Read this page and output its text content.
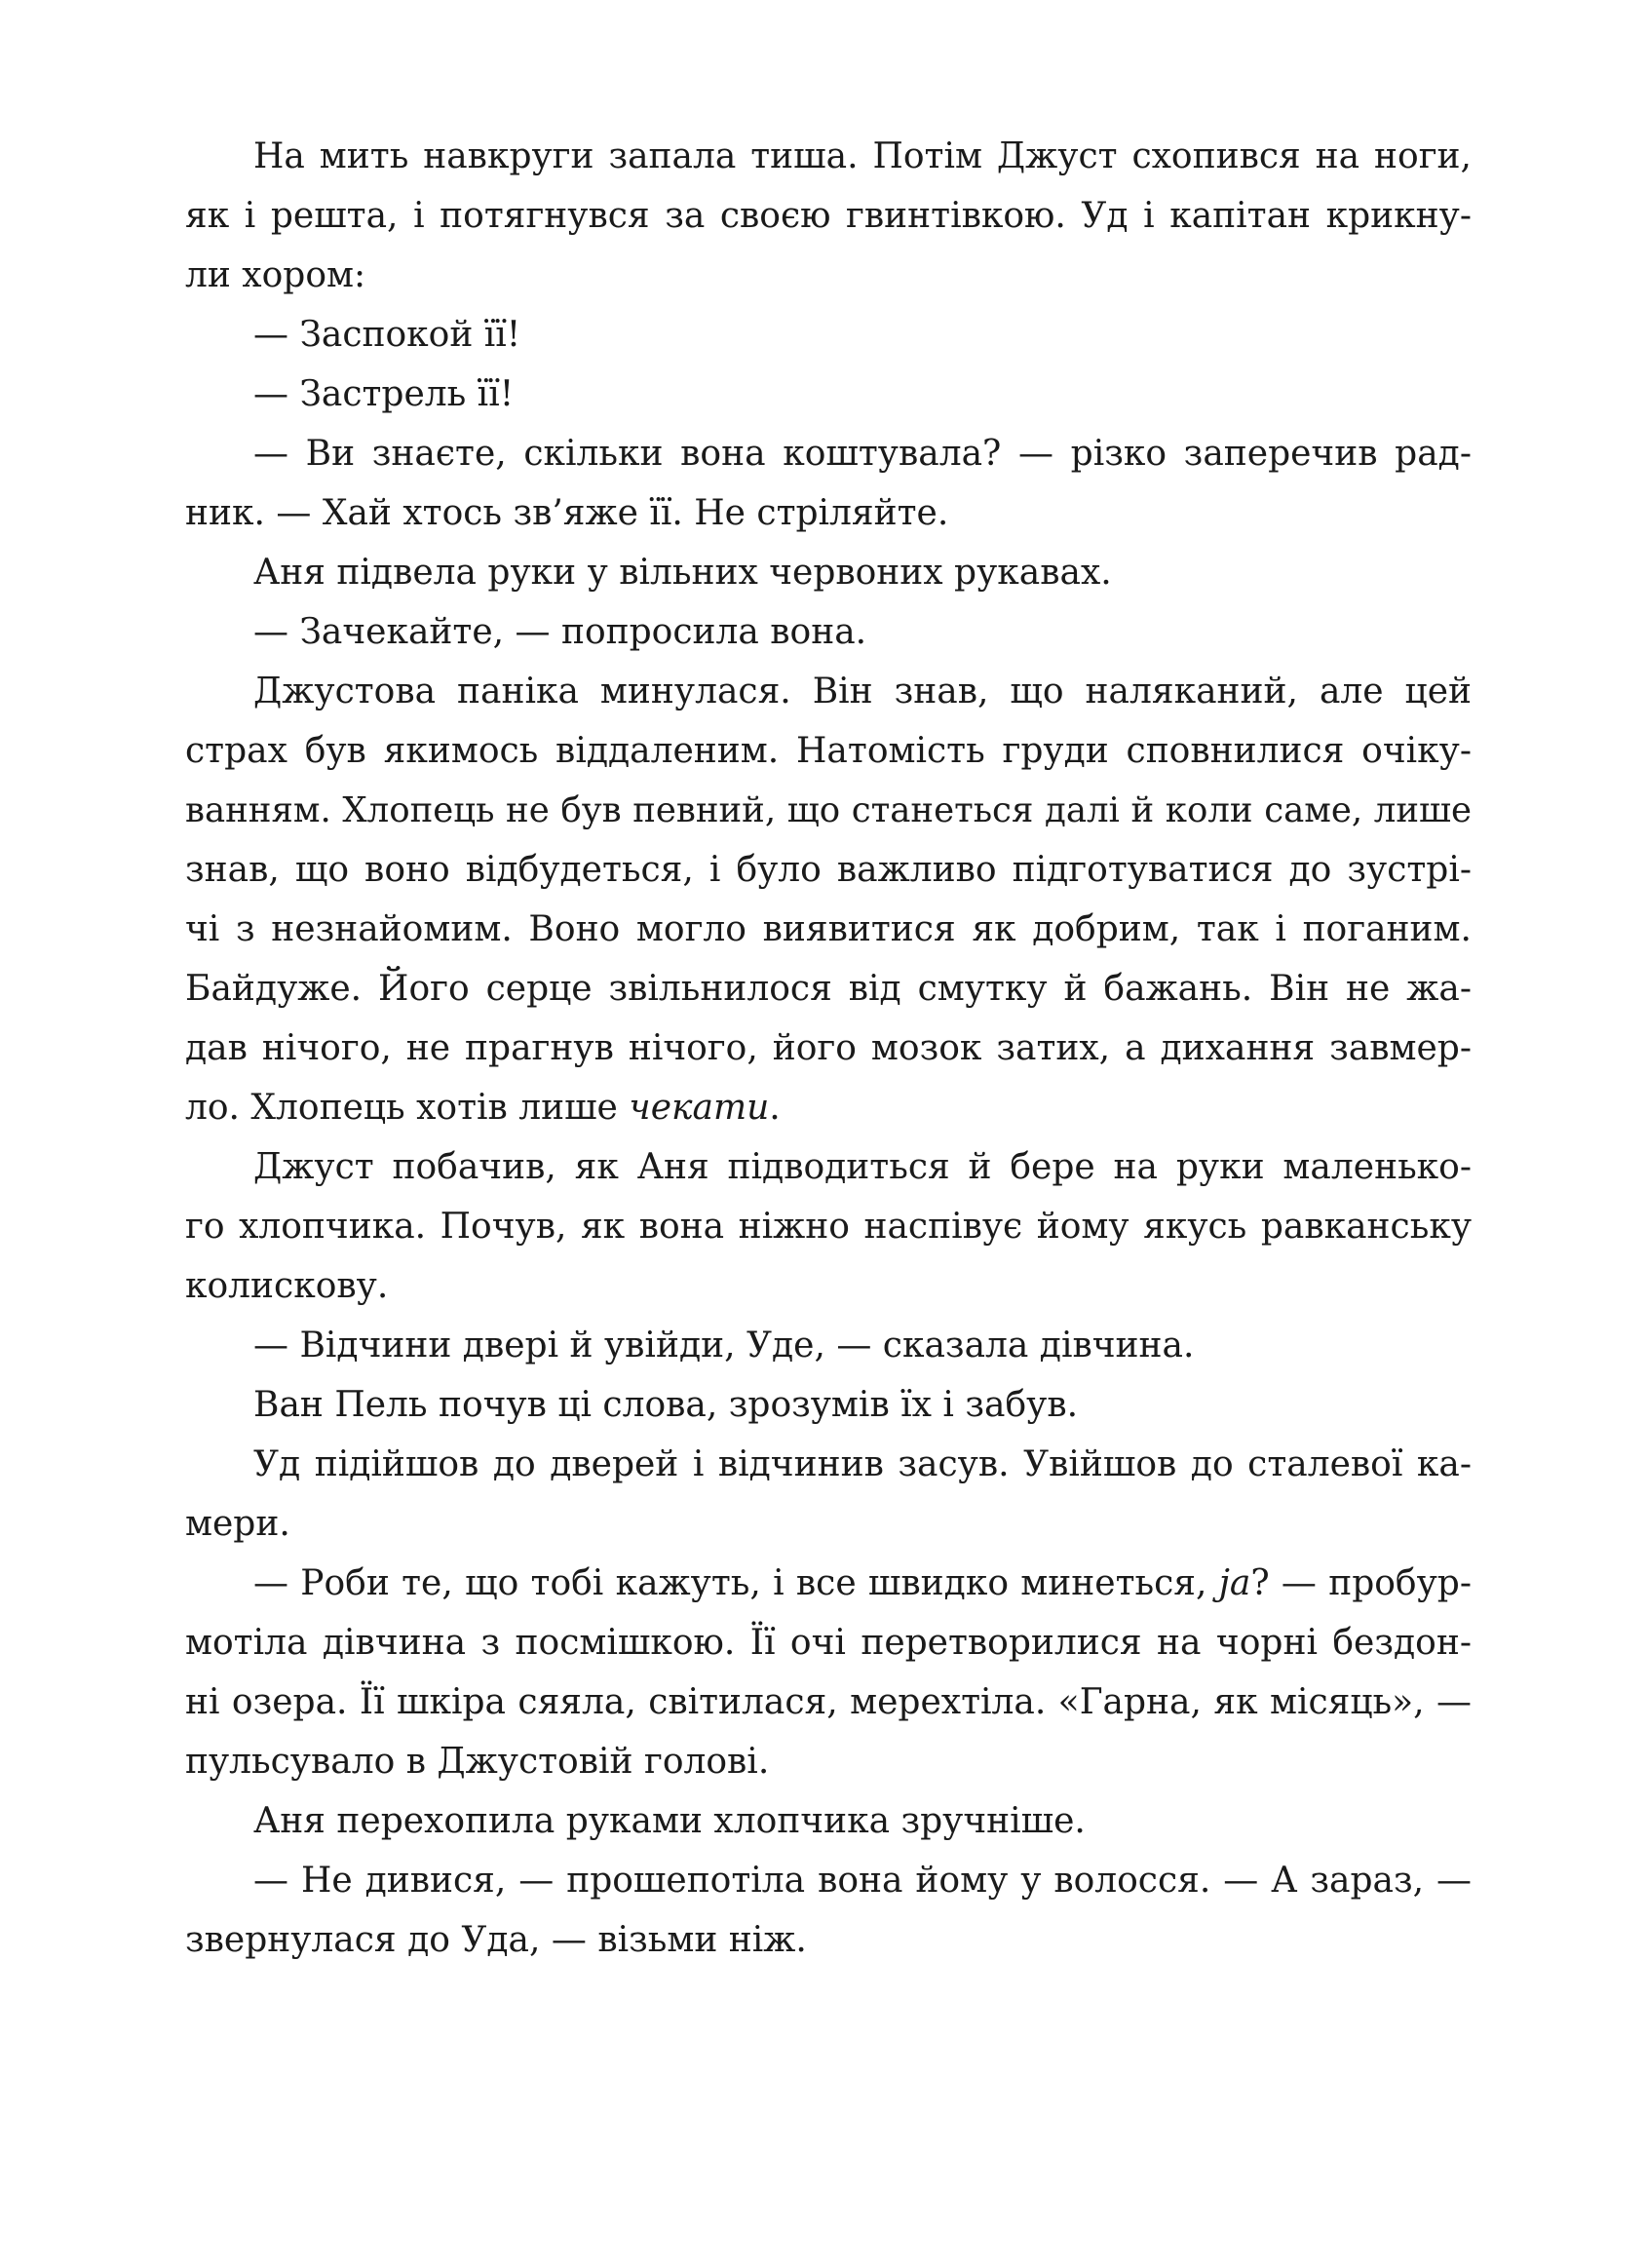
На мить навкруги запала тиша. Потім Джуст схопився на ноги,
як і решта, і потягнувся за своєю гвинтівкою. Уд і капітан крикну-
ли хором:
— Заспокой її!
— Застрель її!
— Ви знаєте, скільки вона коштувала? — різко заперечив рад-
ник. — Хай хтось зв’яже її. Не стріляйте.
Аня підвела руки у вільних червоних рукавах.
— Зачекайте, — попросила вона.
Джустова паніка минулася. Він знав, що наляканий, але цей
страх був якимось віддаленим. Натомість груди сповнилися очіку-
ванням. Хлопець не був певний, що станеться далі й коли саме, лише
знав, що воно відбудеться, і було важливо підготуватися до зустрі-
чі з незнайомим. Воно могло виявитися як добрим, так і поганим.
Байдуже. Його серце звільнилося від смутку й бажань. Він не жа-
дав нічого, не прагнув нічого, його мозок затих, а дихання завмер-
ло. Хлопець хотів лише чекати.
Джуст побачив, як Аня підводиться й бере на руки маленько-
го хлопчика. Почув, як вона ніжно наспівує йому якусь равканську
колискову.
— Відчини двері й увійди, Уде, — сказала дівчина.
Ван Пель почув ці слова, зрозумів їх і забув.
Уд підійшов до дверей і відчинив засув. Увійшов до сталевої ка-
мери.
— Роби те, що тобі кажуть, і все швидко минеться, ja? — пробур-
мотіла дівчина з посмішкою. Її очі перетворилися на чорні бездон-
ні озера. Її шкіра сяяла, світилася, мерехтіла. «Гарна, як місяць», —
пульсувало в Джустовій голові.
Аня перехопила руками хлопчика зручніше.
— Не дивися, — прошепотіла вона йому у волосся. — А зараз, —
звернулася до Уда, — візьми ніж.
